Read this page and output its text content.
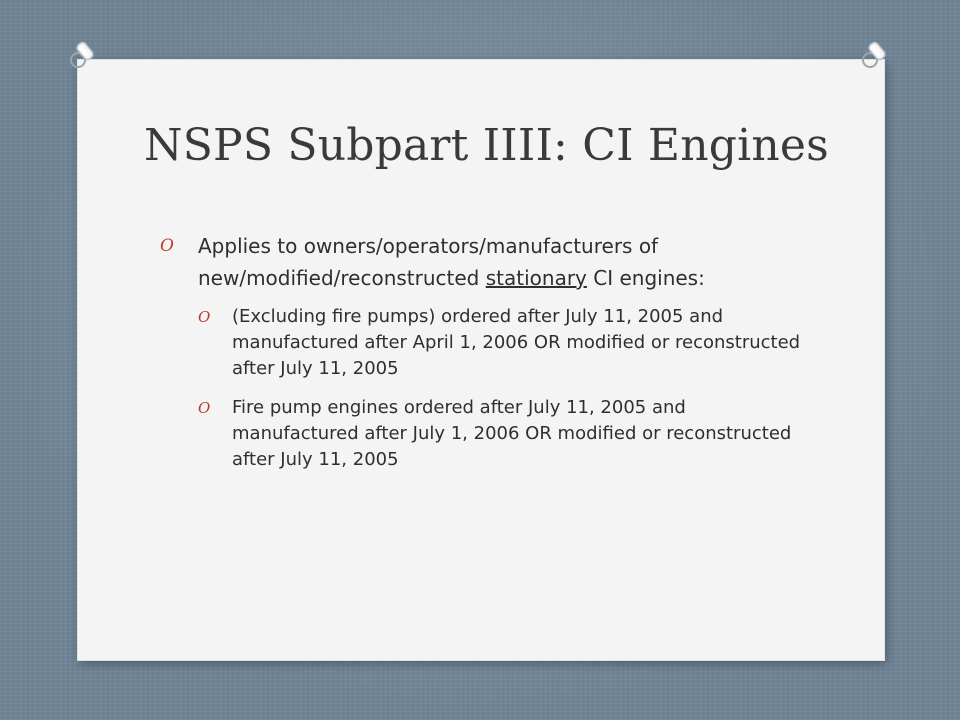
NSPS Subpart IIII: CI Engines
O Applies to owners/operators/manufacturers of new/modified/reconstructed stationary CI engines:
O (Excluding fire pumps) ordered after July 11, 2005 and manufactured after April 1, 2006 OR modified or reconstructed after July 11, 2005
O Fire pump engines ordered after July 11, 2005 and manufactured after July 1, 2006 OR modified or reconstructed after July 11, 2005
